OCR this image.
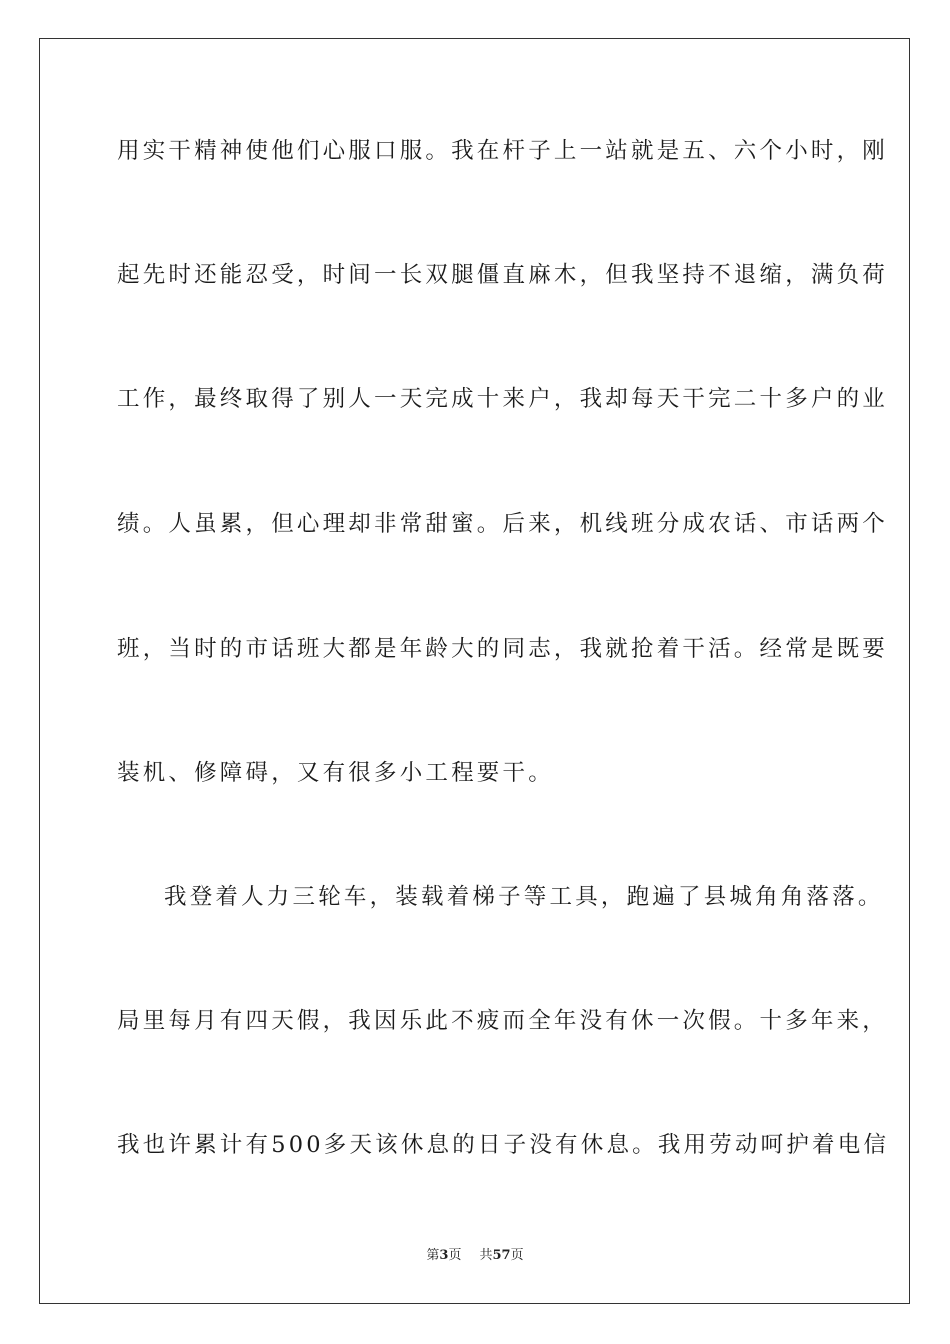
用实干精神使他们心服口服。我在杆子上一站就是五、六个小时，刚
起先时还能忍受，时间一长双腿僵直麻木，但我坚持不退缩，满负荷
工作，最终取得了别人一天完成十来户，我却每天干完二十多户的业
绩。人虽累，但心理却非常甜蜜。后来，机线班分成农话、市话两个
班，当时的市话班大都是年龄大的同志，我就抢着干活。经常是既要
装机、修障碍，又有很多小工程要干。
我登着人力三轮车，装载着梯子等工具，跑遍了县城角角落落。
局里每月有四天假，我因乐此不疲而全年没有休一次假。十多年来，
我也许累计有500多天该休息的日子没有休息。我用劳动呵护着电信
第3页 共57页
